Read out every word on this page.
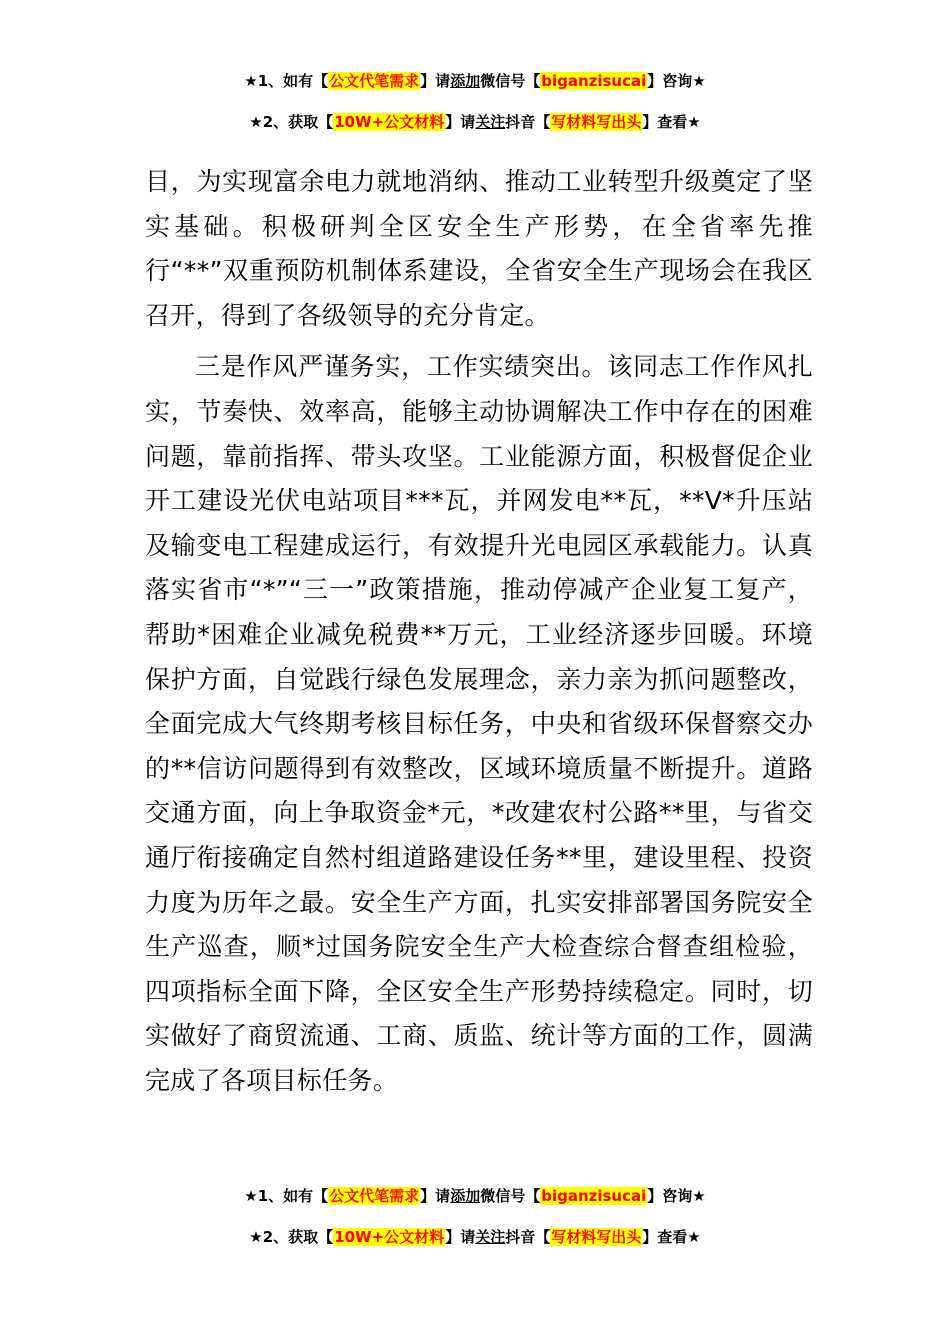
★1、如有【公文代笔需求】请添加微信号【biganzisucai】咨询★
★2、获取【10W+公文材料】请关注抖音【写材料写出头】查看★

目，为实现富余电力就地消纳、推动工业转型升级奠定了坚实基础。积极研判全区安全生产形势，在全省率先推行“**”双重预防机制体系建设，全省安全生产现场会在我区召开，得到了各级领导的充分肯定。

三是作风严谨务实，工作实绩突出。该同志工作作风扎实，节奏快、效率高，能够主动协调解决工作中存在的困难问题，靠前指挥、带头攻坚。工业能源方面，积极督促企业开工建设光伏电站项目***瓦，并网发电**瓦，**V*升压站及输变电工程建成运行，有效提升光电园区承载能力。认真落实省市“*”“三一”政策措施，推动停减产企业复工复产，帮助*困难企业减免税费**万元，工业经济逐步回暖。环境保护方面，自觉践行绿色发展理念，亲力亲为抓问题整改，全面完成大气终期考核目标任务，中央和省级环保督察交办的**信访问题得到有效整改，区域环境质量不断提升。道路交通方面，向上争取资金*元，*改建农村公路**里，与省交通厅衔接确定自然村组道路建设任务**里，建设里程、投资力度为历年之最。安全生产方面，扎实安排部署国务院安全生产巡查，顺*过国务院安全生产大检查综合督查组检验，四项指标全面下降，全区安全生产形势持续稳定。同时，切实做好了商贸流通、工商、质监、统计等方面的工作，圆满完成了各项目标任务。

★1、如有【公文代笔需求】请添加微信号【biganzisucai】咨询★
★2、获取【10W+公文材料】请关注抖音【写材料写出头】查看★
